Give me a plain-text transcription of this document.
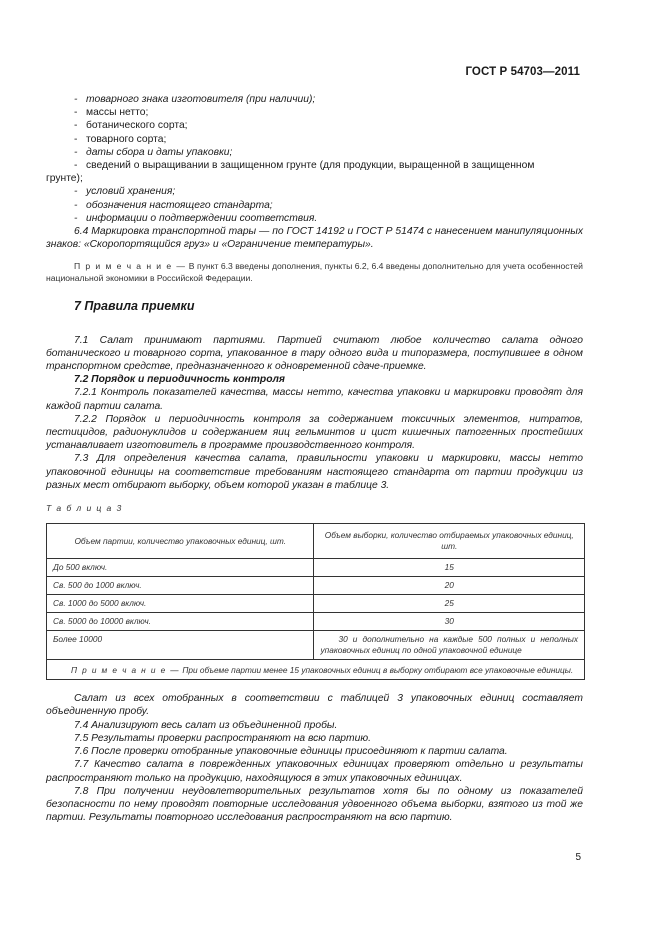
ГОСТ Р 54703—2011

- товарного знака изготовителя (при наличии);

- массы нетто;

- ботанического сорта;

- товарного сорта;

- даты сбора и даты упаковки;

- сведений о выращивании в защищенном грунте (для продукции, выращенной в защищенном

грунте);

- условий хранения;

- обозначения настоящего стандарта;

- информации о подтверждении соответствия.

6.4 Маркировка транспортной тары — по ГОСТ 14192 и ГОСТ Р 51474 с нанесением манипуляционных знаков: «Скоропортящийся груз» и «Ограничение температуры».

П р и м е ч а н и е — В пункт 6.3 введены дополнения, пункты 6.2, 6.4 введены дополнительно для учета особенностей национальной экономики в Российской Федерации.

7 Правила приемки

7.1 Салат принимают партиями. Партией считают любое количество салата одного ботанического и товарного сорта, упакованное в тару одного вида и типоразмера, поступившее в одном транспортном средстве, предназначенного к одновременной сдаче-приемке.

7.2 Порядок и периодичность контроля

7.2.1 Контроль показателей качества, массы нетто, качества упаковки и маркировки проводят для каждой партии салата.

7.2.2 Порядок и периодичность контроля за содержанием токсичных элементов, нитратов, пестицидов, радионуклидов и содержанием яиц гельминтов и цист кишечных патогенных простейших устанавливает изготовитель в программе производственного контроля.

7.3 Для определения качества салата, правильности упаковки и маркировки, массы нетто упаковочной единицы на соответствие требованиям настоящего стандарта от партии продукции из разных мест отбирают выборку, объем которой указан в таблице 3.

Т а б л и ц а 3

Объем партии, количество упаковочных единиц, шт.	Объем выборки, количество отбираемых упаковочных единиц, шт.
До 500 включ.	15
Св. 500 до 1000 включ.	20
Св. 1000 до 5000 включ.	25
Св. 5000 до 10000 включ.	30
Более 10000	30 и дополнительно на каждые 500 полных и неполных упаковочных единиц по одной упаковочной единице
П р и м е ч а н и е — При объеме партии менее 15 упаковочных единиц в выборку отбирают все упаковочные единицы.	

Салат из всех отобранных в соответствии с таблицей 3 упаковочных единиц составляет объединенную пробу.

7.4 Анализируют весь салат из объединенной пробы.

7.5 Результаты проверки распространяют на всю партию.

7.6 После проверки отобранные упаковочные единицы присоединяют к партии салата.

7.7 Качество салата в поврежденных упаковочных единицах проверяют отдельно и результаты распространяют только на продукцию, находящуюся в этих упаковочных единицах.

7.8 При получении неудовлетворительных результатов хотя бы по одному из показателей безопасности по нему проводят повторные исследования удвоенного объема выборки, взятого из той же партии. Результаты повторного исследования распространяют на всю партию.

5
